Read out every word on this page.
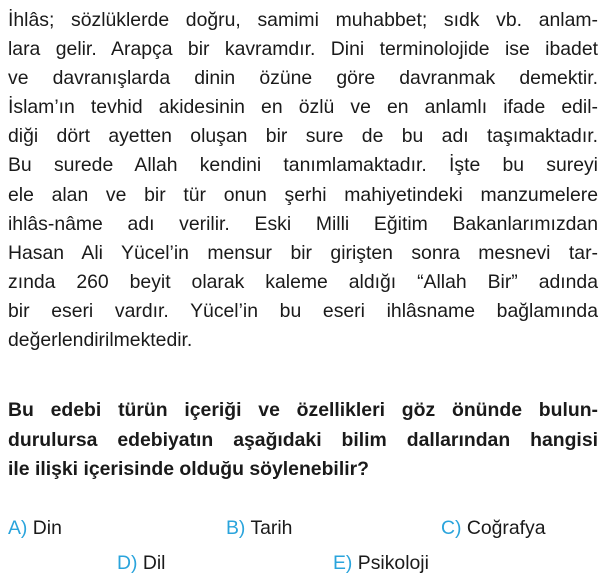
İhlâs; sözlüklerde doğru, samimi muhabbet; sıdk vb. anlam-
lara gelir. Arapça bir kavramdır. Dini terminolojide ise ibadet
ve davranışlarda dinin özüne göre davranmak demektir.
İslam’ın tevhid akidesinin en özlü ve en anlamlı ifade edil-
diği dört ayetten oluşan bir sure de bu adı taşımaktadır.
Bu surede Allah kendini tanımlamaktadır. İşte bu sureyi
ele alan ve bir tür onun şerhi mahiyetindeki manzumelere
ihlâs-nâme adı verilir. Eski Milli Eğitim Bakanlarımızdan
Hasan Ali Yücel’in mensur bir girişten sonra mesnevi tar-
zında 260 beyit olarak kaleme aldığı “Allah Bir” adında
bir eseri vardır. Yücel’in bu eseri ihlâsname bağlamında
değerlendirilmektedir.

Bu edebi türün içeriği ve özellikleri göz önünde bulun-
durulursa edebiyatın aşağıdaki bilim dallarından hangisi
ile ilişki içerisinde olduğu söylenebilir?
A) Din	B) Tarih	C) Coğrafya
D) Dil	E) Psikoloji
